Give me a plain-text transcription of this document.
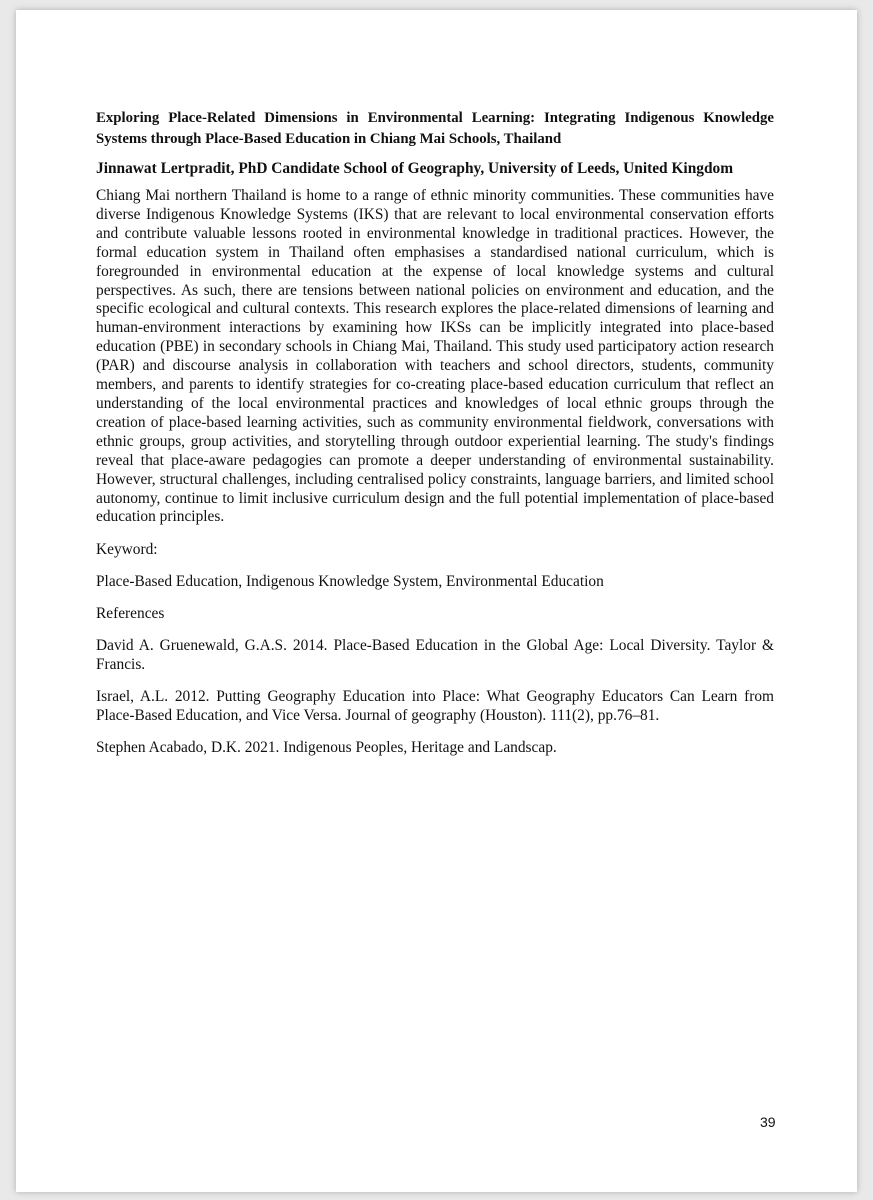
Exploring Place-Related Dimensions in Environmental Learning: Integrating Indigenous Knowledge Systems through Place-Based Education in Chiang Mai Schools, Thailand
Jinnawat Lertpradit, PhD Candidate School of Geography, University of Leeds, United Kingdom
Chiang Mai northern Thailand is home to a range of ethnic minority communities. These communities have diverse Indigenous Knowledge Systems (IKS) that are relevant to local environmental conservation efforts and contribute valuable lessons rooted in environmental knowledge in traditional practices. However, the formal education system in Thailand often emphasises a standardised national curriculum, which is foregrounded in environmental education at the expense of local knowledge systems and cultural perspectives. As such, there are tensions between national policies on environment and education, and the specific ecological and cultural contexts. This research explores the place-related dimensions of learning and human-environment interactions by examining how IKSs can be implicitly integrated into place-based education (PBE) in secondary schools in Chiang Mai, Thailand. This study used participatory action research (PAR) and discourse analysis in collaboration with teachers and school directors, students, community members, and parents to identify strategies for co-creating place-based education curriculum that reflect an understanding of the local environmental practices and knowledges of local ethnic groups through the creation of place-based learning activities, such as community environmental fieldwork, conversations with ethnic groups, group activities, and storytelling through outdoor experiential learning. The study's findings reveal that place-aware pedagogies can promote a deeper understanding of environmental sustainability. However, structural challenges, including centralised policy constraints, language barriers, and limited school autonomy, continue to limit inclusive curriculum design and the full potential implementation of place-based education principles.
Keyword:
Place-Based Education, Indigenous Knowledge System, Environmental Education
References
David A. Gruenewald, G.A.S. 2014. Place-Based Education in the Global Age: Local Diversity. Taylor & Francis.
Israel, A.L. 2012. Putting Geography Education into Place: What Geography Educators Can Learn from Place-Based Education, and Vice Versa. Journal of geography (Houston). 111(2), pp.76–81.
Stephen Acabado, D.K. 2021. Indigenous Peoples, Heritage and Landscap.
39
